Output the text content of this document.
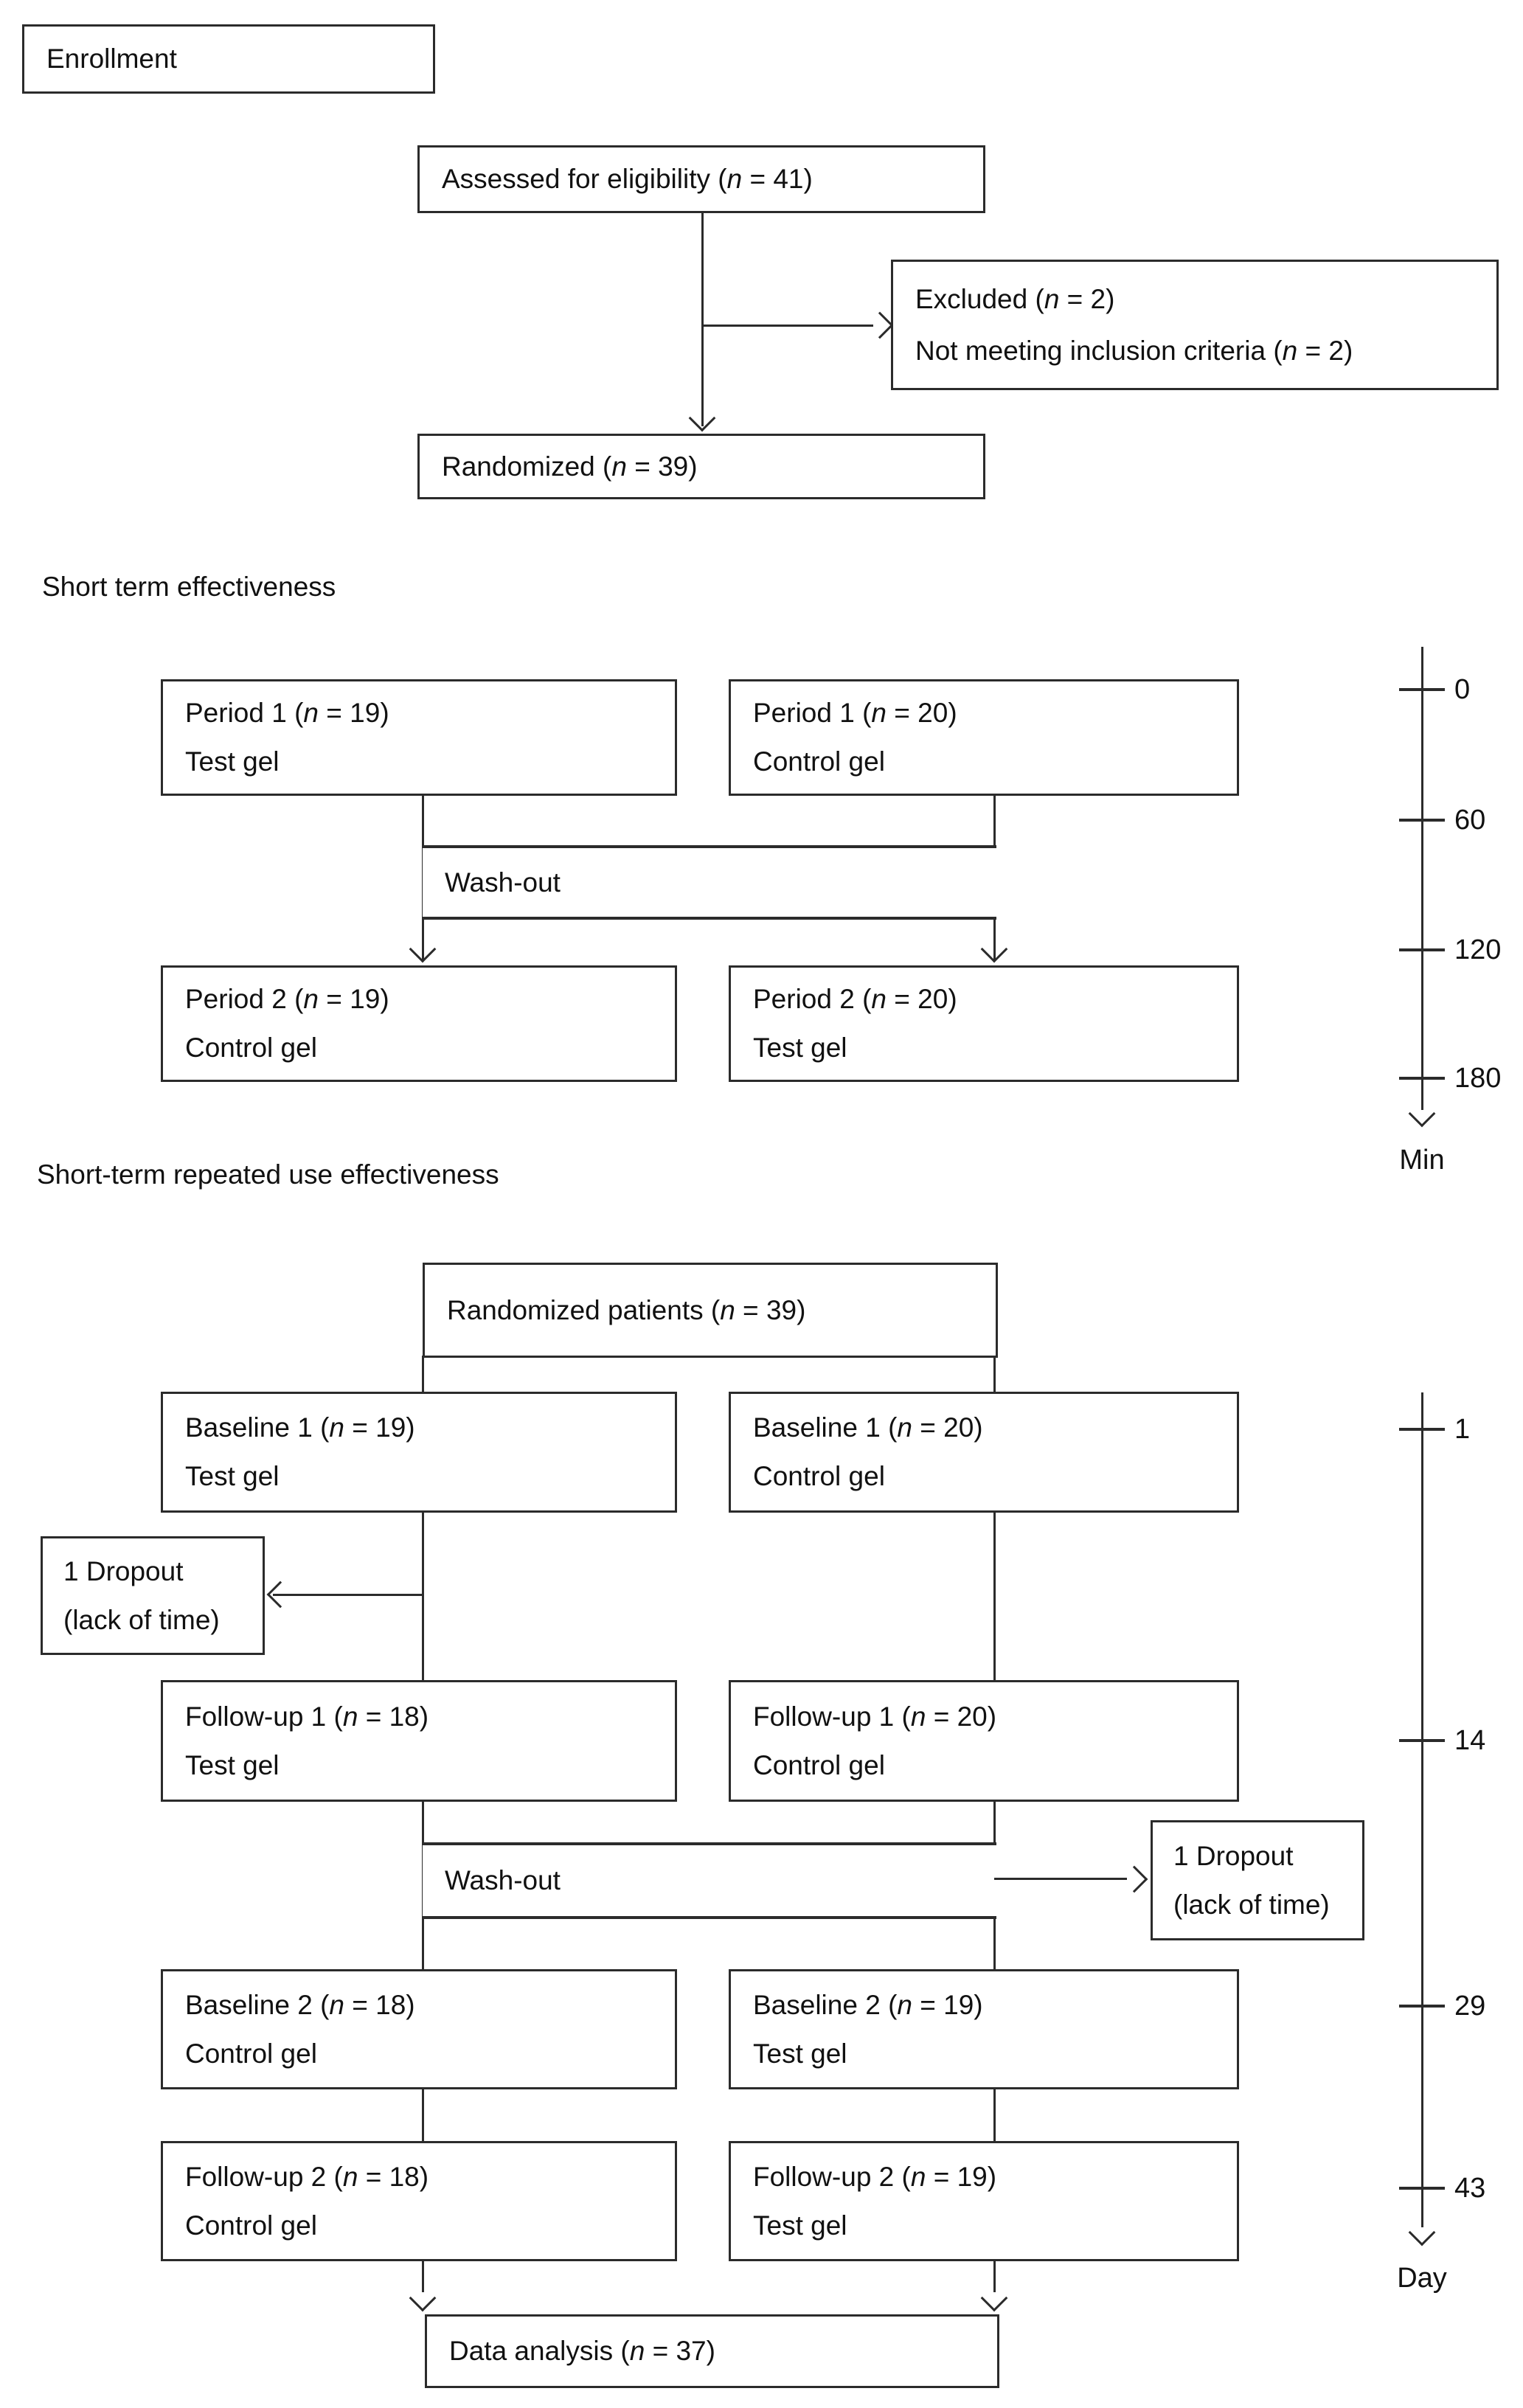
Enrollment
Assessed for eligibility (n = 41)
Excluded (n = 2)
Not meeting inclusion criteria (n = 2)
Randomized (n = 39)
Short term effectiveness
Period 1 (n = 19)
Test gel
Period 1 (n = 20)
Control gel
Wash-out
Period 2 (n = 19)
Control gel
Period 2 (n = 20)
Test gel
0
60
120
180
Min
Short-term repeated use effectiveness
Randomized patients (n = 39)
Baseline 1 (n = 19)
Test gel
Baseline 1 (n = 20)
Control gel
1 Dropout
(lack of time)
Follow-up 1 (n = 18)
Test gel
Follow-up 1 (n = 20)
Control gel
Wash-out
1 Dropout
(lack of time)
Baseline 2 (n = 18)
Control gel
Baseline 2 (n = 19)
Test gel
Follow-up 2 (n = 18)
Control gel
Follow-up 2 (n = 19)
Test gel
Data analysis (n = 37)
1
14
29
43
Day
